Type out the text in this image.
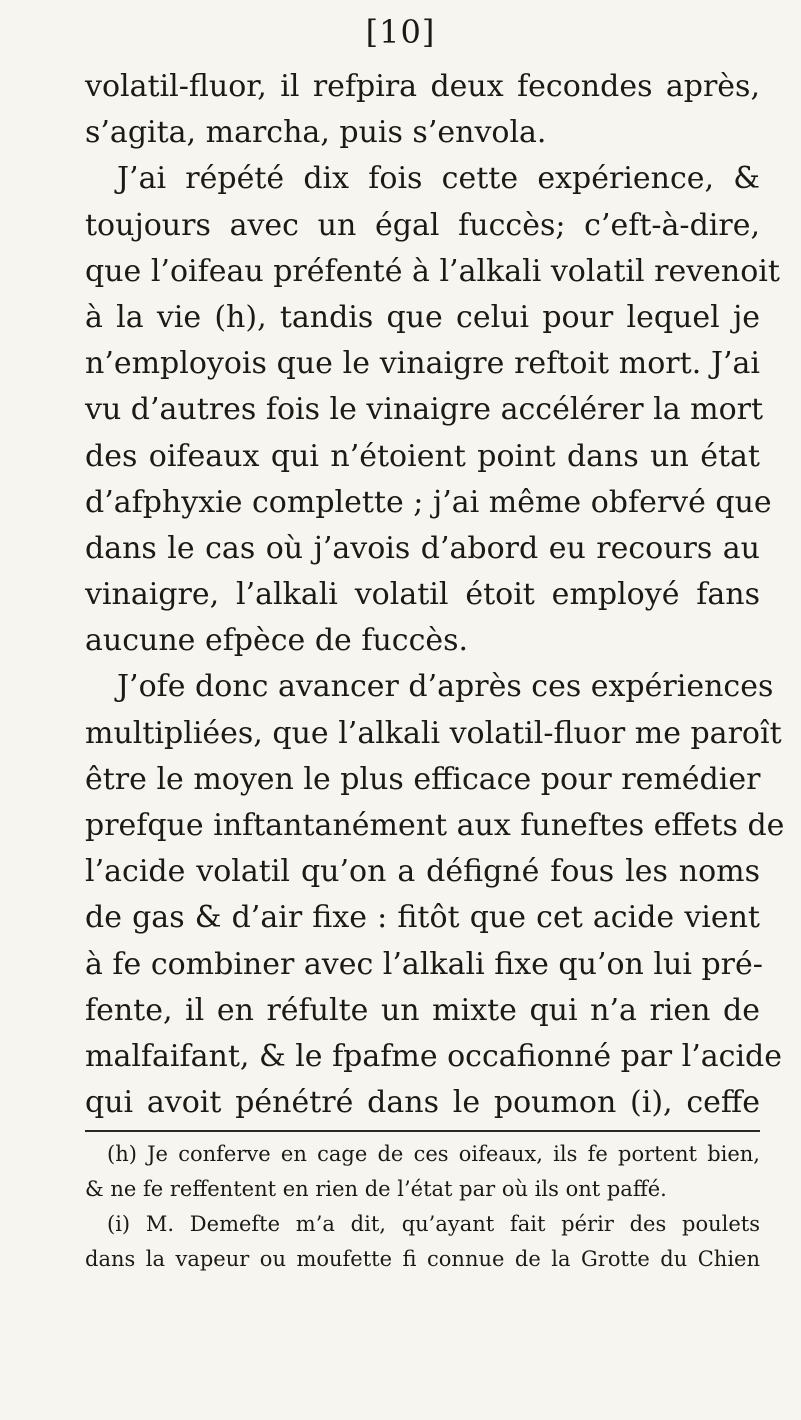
[10]
volatil-fluor, il refpira deux fecondes après,
s’agita, marcha, puis s’envola.
J’ai répété dix fois cette expérience, &
toujours avec un égal fuccès; c’eft-à-dire,
que l’oifeau préfenté à l’alkali volatil revenoit
à la vie (h), tandis que celui pour lequel je
n’employois que le vinaigre reftoit mort. J’ai
vu d’autres fois le vinaigre accélérer la mort
des oifeaux qui n’étoient point dans un état
d’afphyxie complette ; j’ai même obfervé que
dans le cas où j’avois d’abord eu recours au
vinaigre, l’alkali volatil étoit employé fans
aucune efpèce de fuccès.
J’ofe donc avancer d’après ces expériences
multipliées, que l’alkali volatil-fluor me paroît
être le moyen le plus efficace pour remédier
prefque inftantanément aux funeftes effets de
l’acide volatil qu’on a défigné fous les noms
de gas & d’air fixe : fitôt que cet acide vient
à fe combiner avec l’alkali fixe qu’on lui pré-
fente, il en réfulte un mixte qui n’a rien de
malfaifant, & le fpafme occafionné par l’acide
qui avoit pénétré dans le poumon (i), ceffe
(h) Je conferve en cage de ces oifeaux, ils fe portent bien,
& ne fe reffentent en rien de l’état par où ils ont paffé.
(i) M. Demefte m’a dit, qu’ayant fait périr des poulets
dans la vapeur ou moufette fi connue de la Grotte du Chien
